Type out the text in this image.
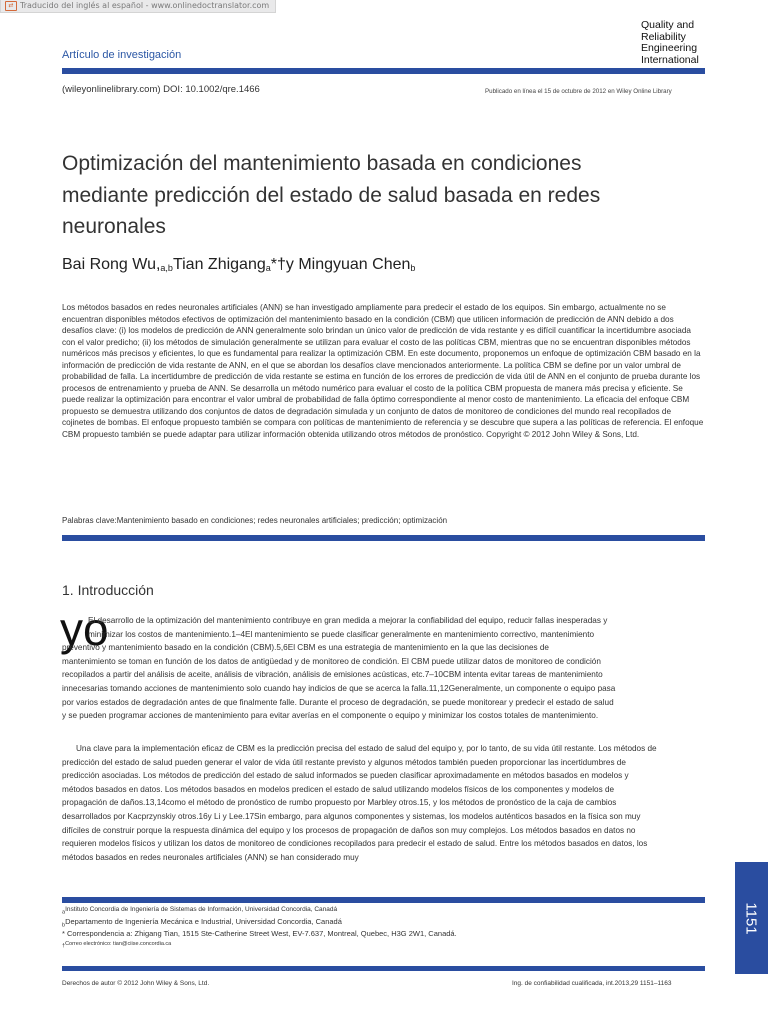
⇄ Traducido del inglés al español - www.onlinedoctranslator.com
Quality and
Reliability
Engineering
International
Artículo de investigación
(wileyonlinelibrary.com) DOI: 10.1002/qre.1466	Publicado en línea el 15 de octubre de 2012 en Wiley Online Library
Optimización del mantenimiento basada en condiciones
mediante predicción del estado de salud basada en redes
neuronales
Bai Rong $Wu,_{a,b}Tian$ Zhigang$_a$*†y Mingyuan Chen$_b$

Los métodos basados en redes neuronales artificiales (ANN) se han investigado ampliamente para predecir el estado de los equipos. Sin embargo, actualmente no se encuentran disponibles métodos efectivos de optimización del mantenimiento basado en la condición (CBM) que utilicen información de predicción de ANN debido a dos desafíos clave: (i) los modelos de predicción de ANN generalmente solo brindan un único valor de predicción de vida restante y es difícil cuantificar la incertidumbre asociada con el valor predicho; (ii) los métodos de simulación generalmente se utilizan para evaluar el costo de las políticas CBM, mientras que no se encuentran disponibles métodos numéricos más precisos y eficientes, lo que es fundamental para realizar la optimización CBM. En este documento, proponemos un enfoque de optimización CBM basado en la información de predicción de vida restante de ANN, en el que se abordan los desafíos clave mencionados anteriormente. La política CBM se define por un valor umbral de probabilidad de falla. La incertidumbre de predicción de vida restante se estima en función de los errores de predicción de vida útil de ANN en el conjunto de prueba durante los procesos de entrenamiento y prueba de ANN. Se desarrolla un método numérico para evaluar el costo de la política CBM propuesta de manera más precisa y eficiente. Se puede realizar la optimización para encontrar el valor umbral de probabilidad de falla óptimo correspondiente al menor costo de mantenimiento. La eficacia del enfoque CBM propuesto se demuestra utilizando dos conjuntos de datos de degradación simulada y un conjunto de datos de monitoreo de condiciones del mundo real recopilados de cojinetes de bombas. El enfoque propuesto también se compara con políticas de mantenimiento de referencia y se descubre que supera a las políticas de referencia. El enfoque CBM propuesto también se puede adaptar para utilizar información obtenida utilizando otros métodos de pronóstico. Copyright © 2012 John Wiley & Sons, Ltd.

Palabras clave:Mantenimiento basado en condiciones; redes neuronales artificiales; predicción; optimización
1. Introducción
yo
El desarrollo de la optimización del mantenimiento contribuye en gran medida a mejorar la confiabilidad del equipo, reducir fallas inesperadas y
minimizar los costos de mantenimiento.1–4El mantenimiento se puede clasificar generalmente en mantenimiento correctivo, mantenimiento
preventivo y mantenimiento basado en la condición (CBM).5,6El CBM es una estrategia de mantenimiento en la que las decisiones de
mantenimiento se toman en función de los datos de antigüedad y de monitoreo de condición. El CBM puede utilizar datos de monitoreo de condición
recopilados a partir del análisis de aceite, análisis de vibración, análisis de emisiones acústicas, etc.7–10CBM intenta evitar tareas de mantenimiento
innecesarias tomando acciones de mantenimiento solo cuando hay indicios de que se acerca la falla.11,12Generalmente, un componente o equipo pasa
por varios estados de degradación antes de que finalmente falle. Durante el proceso de degradación, se puede monitorear y predecir el estado de salud
y se pueden programar acciones de mantenimiento para evitar averías en el componente o equipo y minimizar los costos totales de mantenimiento.
Una clave para la implementación eficaz de CBM es la predicción precisa del estado de salud del equipo y, por lo tanto, de su vida útil restante. Los métodos de
predicción del estado de salud pueden generar el valor de vida útil restante previsto y algunos métodos también pueden proporcionar las incertidumbres de
predicción asociadas. Los métodos de predicción del estado de salud informados se pueden clasificar aproximadamente en métodos basados en modelos y
métodos basados en datos. Los métodos basados en modelos predicen el estado de salud utilizando modelos físicos de los componentes y modelos de
propagación de daños.13,14como el método de pronóstico de rumbo propuesto por Marbley otros.15, y los métodos de pronóstico de la caja de cambios
desarrollados por Kacprzynskiy otros.16y Li y Lee.17Sin embargo, para algunos componentes y sistemas, los modelos auténticos basados en la física son muy
difíciles de construir porque la respuesta dinámica del equipo y los procesos de propagación de daños son muy complejos. Los métodos basados en datos no
requieren modelos físicos y utilizan los datos de monitoreo de condiciones recopilados para predecir el estado de salud. Entre los métodos basados en datos, los
métodos basados en redes neuronales artificiales (ANN) se han considerado muy
$_a$Instituto Concordia de Ingeniería de Sistemas de Información, Universidad Concordia, Canadá
$_b$Departamento de Ingeniería Mecánica e Industrial, Universidad Concordia, Canadá
* Correspondencia a: Zhigang Tian, 1515 Ste-Catherine Street West, EV-7.637, Montreal, Quebec, H3G 2W1, Canadá.
$_\dagger$Correo electrónico: tian@ciise.concordia.ca
1151
Derechos de autor © 2012 John Wiley & Sons, Ltd.	Ing. de confiabilidad cualificada, int.2013,29 1151–1163
